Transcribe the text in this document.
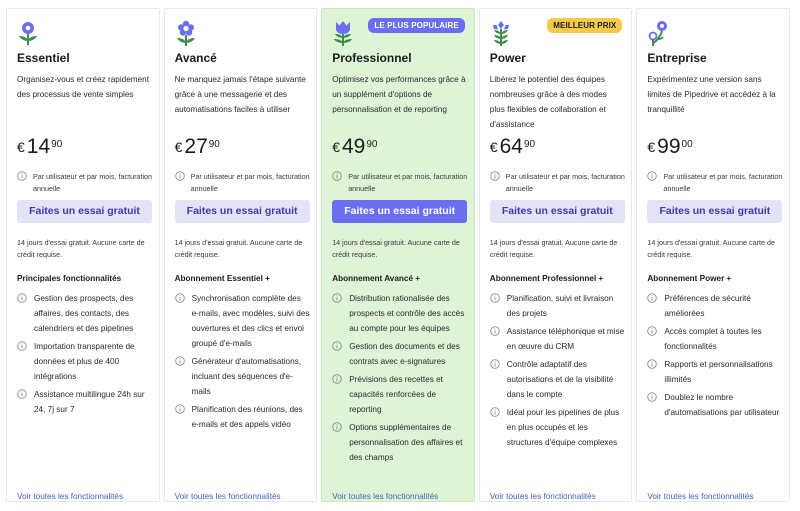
Essentiel
Organisez-vous et créez rapidement des processus de vente simples
€ 14 90
Par utilisateur et par mois, facturation annuelle
Faites un essai gratuit
14 jours d'essai gratuit. Aucune carte de crédit requise.
Principales fonctionnalités
Gestion des prospects, des affaires, des contacts, des calendriers et des pipelines
Importation transparente de données et plus de 400 intégrations
Assistance multilingue 24h sur 24, 7j sur 7
Voir toutes les fonctionnalités
Avancé
Ne manquez jamais l'étape suivante grâce à une messagerie et des automatisations faciles à utiliser
€ 27 90
Par utilisateur et par mois, facturation annuelle
Faites un essai gratuit
14 jours d'essai gratuit. Aucune carte de crédit requise.
Abonnement Essentiel +
Synchronisation complète des e-mails, avec modèles, suivi des ouvertures et des clics et envoi groupé d'e-mails
Générateur d'automatisations, incluant des séquences d'e-mails
Planification des réunions, des e-mails et des appels vidéo
Voir toutes les fonctionnalités
LE PLUS POPULAIRE
Professionnel
Optimisez vos performances grâce à un supplément d'options de personnalisation et de reporting
€ 49 90
Par utilisateur et par mois, facturation annuelle
Faites un essai gratuit
14 jours d'essai gratuit. Aucune carte de crédit requise.
Abonnement Avancé +
Distribution rationalisée des prospects et contrôle des accès au compte pour les équipes
Gestion des documents et des contrats avec e-signatures
Prévisions des recettes et capacités renforcées de reporting
Options supplémentaires de personnalisation des affaires et des champs
Voir toutes les fonctionnalités
MEILLEUR PRIX
Power
Libérez le potentiel des équipes nombreuses grâce à des modes plus flexibles de collaboration et d'assistance
€ 64 90
Par utilisateur et par mois, facturation annuelle
Faites un essai gratuit
14 jours d'essai gratuit. Aucune carte de crédit requise.
Abonnement Professionnel +
Planification, suivi et livraison des projets
Assistance téléphonique et mise en œuvre du CRM
Contrôle adaptatif des autorisations et de la visibilité dans le compte
Idéal pour les pipelines de plus en plus occupés et les structures d'équipe complexes
Voir toutes les fonctionnalités
Entreprise
Expérimentez une version sans limites de Pipedrive et accédez à la tranquillité
€ 99 00
Par utilisateur et par mois, facturation annuelle
Faites un essai gratuit
14 jours d'essai gratuit. Aucune carte de crédit requise.
Abonnement Power +
Préférences de sécurité améliorées
Accès complet à toutes les fonctionnalités
Rapports et personnalisations illimités
Doublez le nombre d'automatisations par utilisateur
Voir toutes les fonctionnalités
